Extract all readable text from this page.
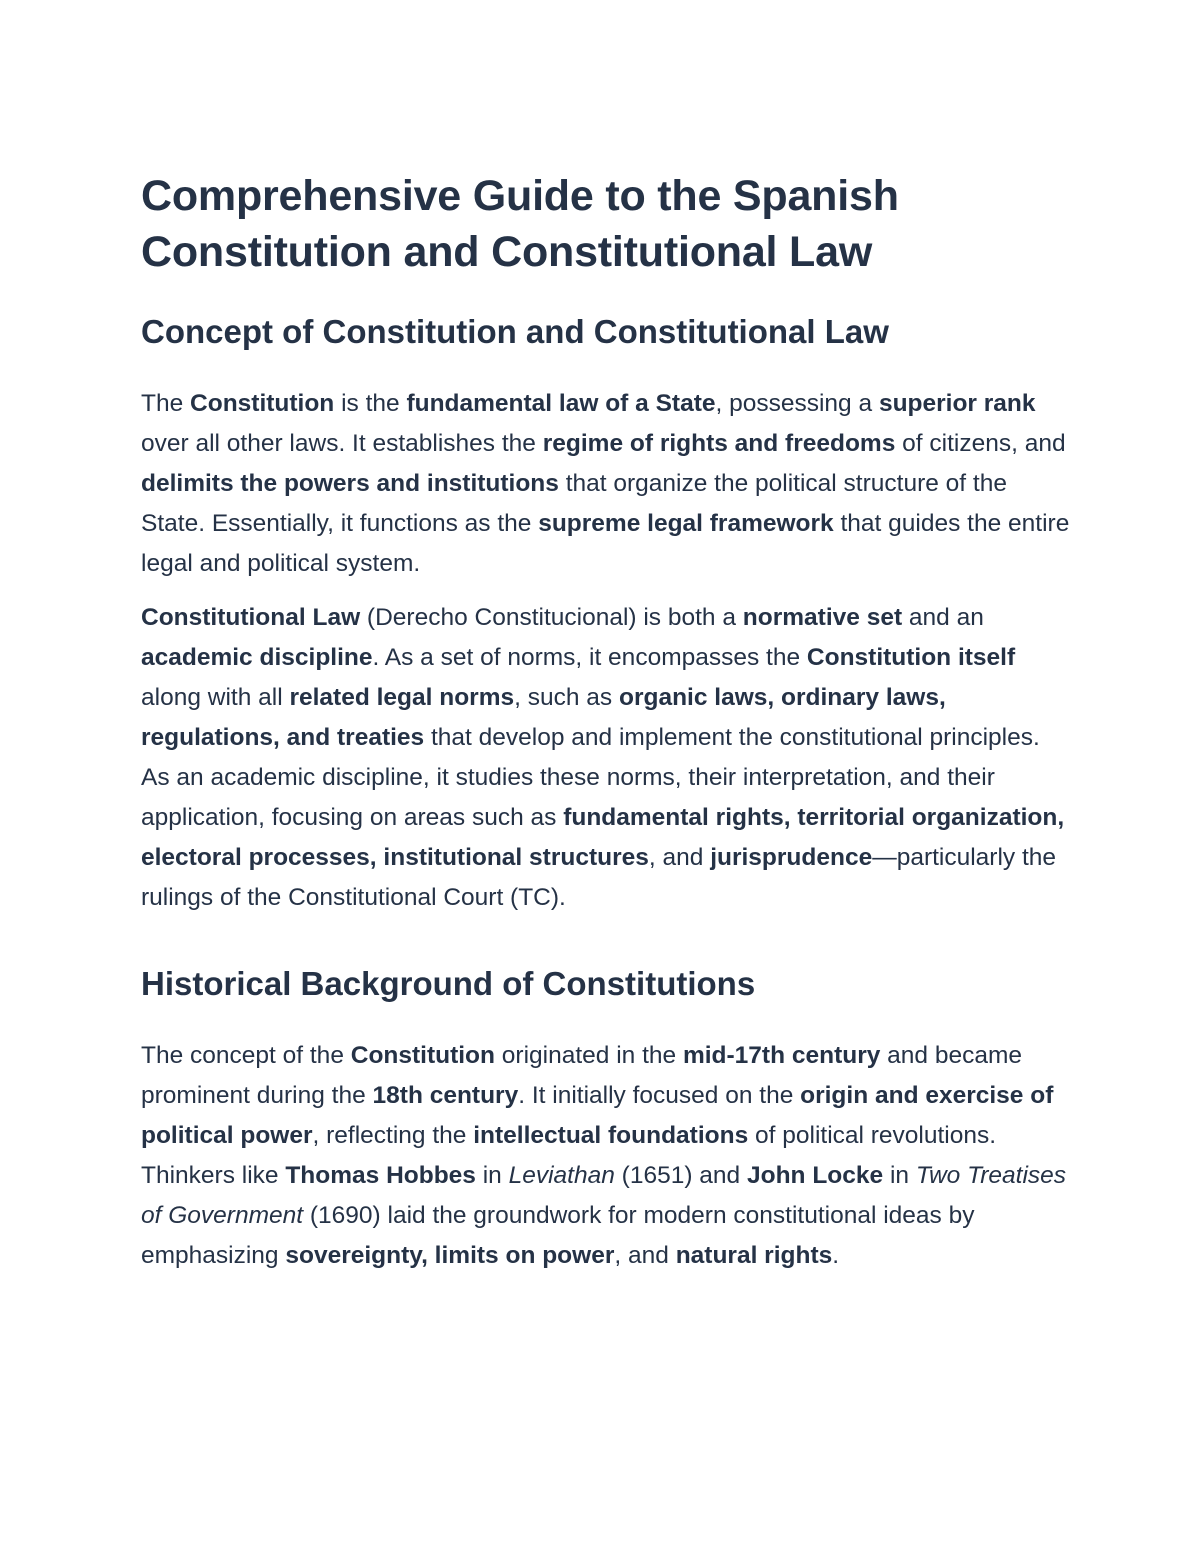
Comprehensive Guide to the Spanish Constitution and Constitutional Law
Concept of Constitution and Constitutional Law

The Constitution is the fundamental law of a State, possessing a superior rank over all other laws. It establishes the regime of rights and freedoms of citizens, and delimits the powers and institutions that organize the political structure of the State. Essentially, it functions as the supreme legal framework that guides the entire legal and political system.

Constitutional Law (Derecho Constitucional) is both a normative set and an academic discipline. As a set of norms, it encompasses the Constitution itself along with all related legal norms, such as organic laws, ordinary laws, regulations, and treaties that develop and implement the constitutional principles. As an academic discipline, it studies these norms, their interpretation, and their application, focusing on areas such as fundamental rights, territorial organization, electoral processes, institutional structures, and jurisprudence—particularly the rulings of the Constitutional Court (TC).

Historical Background of Constitutions

The concept of the Constitution originated in the mid-17th century and became prominent during the 18th century. It initially focused on the origin and exercise of political power, reflecting the intellectual foundations of political revolutions. Thinkers like Thomas Hobbes in Leviathan (1651) and John Locke in Two Treatises of Government (1690) laid the groundwork for modern constitutional ideas by emphasizing sovereignty, limits on power, and natural rights.
